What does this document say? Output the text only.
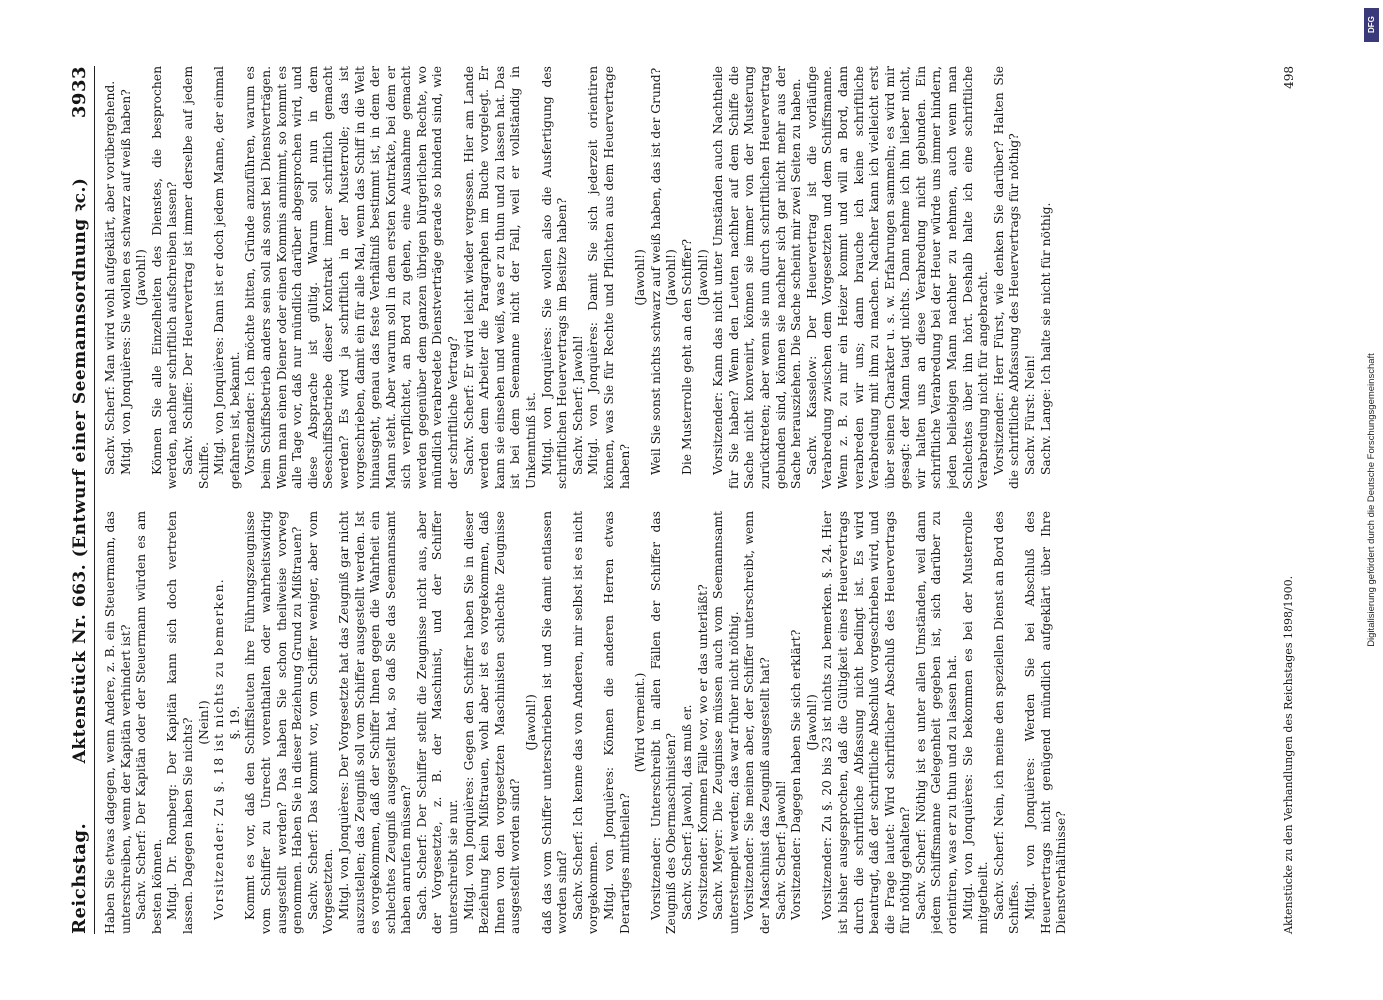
Reichstag.
Aktenstück Nr. 663. (Entwurf einer Seemannsordnung ꝛc.)
3933

Haben Sie etwas dagegen, wenn Andere, z. B. ein Steuermann, das unterschreiben, wenn der Kapitän verhindert ist? Sachv. Scherf: Der Kapitän oder der Steuermann würden es am besten können. Mitgl. Dr. Romberg: Der Kapitän kann sich doch vertreten lassen. Dagegen haben Sie nichts? (Nein!) Vorsitzender: Zu §. 18 ist nichts zu bemerken. §. 19. Kommt es vor, daß den Schiffsleuten ihre Führungszeugnisse vom Schiffer zu Unrecht vorenthalten oder wahrheitswidrig ausgestellt werden? Das haben Sie schon theilweise vorweg genommen. Haben Sie in dieser Beziehung Grund zu Mißtrauen? Sachv. Scherf: Das kommt vor, vom Schiffer weniger, aber vom Vorgesetzten. Mitgl. von Jonquières: Der Vorgesetzte hat das Zeugniß gar nicht auszustellen; das Zeugniß soll vom Schiffer ausgestellt werden. Ist es vorgekommen, daß der Schiffer Ihnen gegen die Wahrheit ein schlechtes Zeugniß ausgestellt hat, so daß Sie das Seemannsamt haben anrufen müssen? Sach. Scherf: Der Schiffer stellt die Zeugnisse nicht aus, aber der Vorgesetzte, z. B. der Maschinist, und der Schiffer unterschreibt sie nur. Mitgl. von Jonquières: Gegen den Schiffer haben Sie in dieser Beziehung kein Mißtrauen, wohl aber ist es vorgekommen, daß Ihnen von den vorgesetzten Maschinisten schlechte Zeugnisse ausgestellt worden sind?

(Jawohl!) daß das vom Schiffer unterschrieben ist und Sie damit entlassen worden sind? Sachv. Scherf: Ich kenne das von Anderen, mir selbst ist es nicht vorgekommen. Mitgl. von Jonquières: Können die anderen Herren etwas Derartiges mittheilen?

(Wird verneint.) Vorsitzender: Unterschreibt in allen Fällen der Schiffer das Zeugniß des Obermaschinisten? Sachv. Scherf: Jawohl, das muß er. Vorsitzender: Kommen Fälle vor, wo er das unterläßt? Sachv. Meyer: Die Zeugnisse müssen auch vom Seemannsamt unterstempelt werden; das war früher nicht nöthig. Vorsitzender: Sie meinen aber, der Schiffer unterschreibt, wenn der Maschinist das Zeugniß ausgestellt hat? Sachv. Scherf: Jawohl! Vorsitzender: Dagegen haben Sie sich erklärt? (Jawohl!) Vorsitzender: Zu §. 20 bis 23 ist nichts zu bemerken. §. 24. Hier ist bisher ausgesprochen, daß die Gültigkeit eines Heuervertrags durch die schriftliche Abfassung nicht bedingt ist. Es wird beantragt, daß der schriftliche Abschluß vorgeschrieben wird, und die Frage lautet: Wird schriftlicher Abschluß des Heuervertrags für nöthig gehalten? Sachv. Scherf: Nöthig ist es unter allen Umständen, weil dann jedem Schiffsmanne Gelegenheit gegeben ist, sich darüber zu orientiren, was er zu thun und zu lassen hat. Mitgl. von Jonquières: Sie bekommen es bei der Musterrolle mitgetheilt. Sachv. Scherf: Nein, ich meine den speziellen Dienst an Bord des Schiffes. Mitgl. von Jonquières: Werden Sie bei Abschluß des Heuervertrags nicht genügend mündlich aufgeklärt über Ihre Dienstverhältnisse?

Sachv. Scherf: Man wird wohl aufgeklärt, aber vorübergehend. Mitgl. von Jonquières: Sie wollen es schwarz auf weiß haben? (Jawohl!) Können Sie alle Einzelheiten des Dienstes, die besprochen werden, nachher schriftlich aufschreiben lassen? Sachv. Schiffe: Der Heuervertrag ist immer derselbe auf jedem Schiffe. Mitgl. von Jonquières: Dann ist er doch jedem Manne, der einmal gefahren ist, bekannt. Vorsitzender: Ich möchte bitten, Gründe anzuführen, warum es beim Schiffsbetrieb anders sein soll als sonst bei Dienstverträgen. Wenn man einen Diener oder einen Kommis annimmt, so kommt es alle Tage vor, daß nur mündlich darüber abgesprochen wird, und diese Absprache ist gültig. Warum soll nun in dem Seeschiffsbetriebe dieser Kontrakt immer schriftlich gemacht werden? Es wird ja schriftlich in der Musterrolle; das ist vorgeschrieben, damit ein für alle Mal, wenn das Schiff in die Welt hinausgeht, genau das feste Verhältniß bestimmt ist, in dem der Mann steht. Aber warum soll in dem ersten Kontrakte, bei dem er sich verpflichtet, an Bord zu gehen, eine Ausnahme gemacht werden gegenüber dem ganzen übrigen bürgerlichen Rechte, wo mündlich verabredete Dienstverträge gerade so bindend sind, wie der schriftliche Vertrag? Sachv. Scherf: Er wird leicht wieder vergessen. Hier am Lande werden dem Arbeiter die Paragraphen im Buche vorgelegt. Er kann sie einsehen und weiß, was er zu thun und zu lassen hat. Das ist bei dem Seemanne nicht der Fall, weil er vollständig in Unkenntniß ist. Mitgl. von Jonquières: Sie wollen also die Ausfertigung des schriftlichen Heuervertrags im Besitze haben? Sachv. Scherf: Jawohl! Mitgl. von Jonquières: Damit Sie sich jederzeit orientiren können, was Sie für Rechte und Pflichten aus dem Heuervertrage haben?

(Jawohl!) Weil Sie sonst nichts schwarz auf weiß haben, das ist der Grund? (Jawohl!) Die Musterrolle geht an den Schiffer? (Jawohl!) Vorsitzender: Kann das nicht unter Umständen auch Nachtheile für Sie haben? Wenn den Leuten nachher auf dem Schiffe die Sache nicht konvenirt, können sie immer von der Musterung zurücktreten; aber wenn sie nun durch schriftlichen Heuervertrag gebunden sind, können sie nachher sich gar nicht mehr aus der Sache herausziehen. Die Sache scheint mir zwei Seiten zu haben. Sachv. Kasselow: Der Heuervertrag ist die vorläufige Verabredung zwischen dem Vorgesetzten und dem Schiffsmanne. Wenn z. B. zu mir ein Heizer kommt und will an Bord, dann verabreden wir uns; dann brauche ich keine schriftliche Verabredung mit ihm zu machen. Nachher kann ich vielleicht erst über seinen Charakter u. s. w. Erfahrungen sammeln; es wird mir gesagt: der Mann taugt nichts. Dann nehme ich ihn lieber nicht, wir halten uns an diese Verabredung nicht gebunden. Ein schriftliche Verabredung bei der Heuer würde uns immer hindern, jeden beliebigen Mann nachher zu nehmen, auch wenn man Schlechtes über ihn hört. Deshalb halte ich eine schriftliche Verabredung nicht für angebracht. Vorsitzender: Herr Fürst, wie denken Sie darüber? Halten Sie die schriftliche Abfassung des Heuervertrags für nöthig? Sachv. Fürst: Nein! Sachv. Lange: Ich halte sie nicht für nöthig.

Aktenstücke zu den Verhandlungen des Reichstages 1898/1900.
498
DFG
Digitalisierung gefördert durch die Deutsche Forschungsgemeinschaft
